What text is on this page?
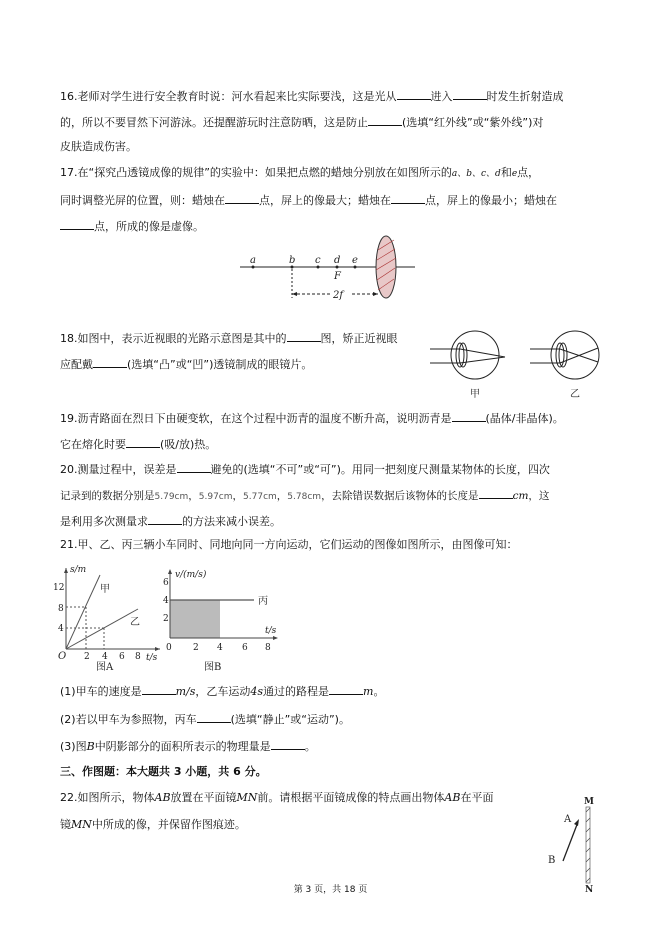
16.老师对学生进行安全教育时说：河水看起来比实际要浅，这是光从	进入	时发生折射造成
的，所以不要冒然下河游泳。还提醒游玩时注意防晒，这是防止	(选填“红外线”或“紫外线”)对
皮肤造成伤害。
17.在“探究凸透镜成像的规律”的实验中：如果把点燃的蜡烛分别放在如图所示的a、b、c、d和e点，
同时调整光屏的位置，则：蜡烛在	点，屏上的像最大；蜡烛在	点，屏上的像最小；蜡烛在
点，所成的像是虚像。
a	b c d e
F
2f
甲	乙
s/m
t/s
O 2 4 6 8
4
8
12	甲
乙
图A
v/(m/s)
t/s
0 2 4 6 8
2
4
6
丙
图B
M
N
A
B
18.如图中，表示近视眼的光路示意图是其中的	图，矫正近视眼
应配戴	(选填“凸”或“凹”)透镜制成的眼镜片。
19.沥青路面在烈日下由硬变软，在这个过程中沥青的温度不断升高，说明沥青是	(晶体/非晶体)。
它在熔化时要	(吸/放)热。
20.测量过程中，误差是	避免的(选填“不可”或“可”)。用同一把刻度尺测量某物体的长度，四次
记录到的数据分别是5.79cm，5.97cm，5.77cm，5.78cm，去除错误数据后该物体的长度是	cm，这
是利用多次测量求	的方法来减小误差。
21.甲、乙、丙三辆小车同时、同地向同一方向运动，它们运动的图像如图所示，由图像可知：
(1)甲车的速度是	m/s，乙车运动4s通过的路程是	m。
(2)若以甲车为参照物，丙车	(选填“静止”或“运动”)。
(3)图B中阴影部分的面积所表示的物理量是	。
三、作图题：本大题共 3 小题，共 6 分。
22.如图所示，物体AB放置在平面镜MN前。请根据平面镜成像的特点画出物体AB在平面
镜MN中所成的像，并保留作图痕迹。
第 3 页，共 18 页
